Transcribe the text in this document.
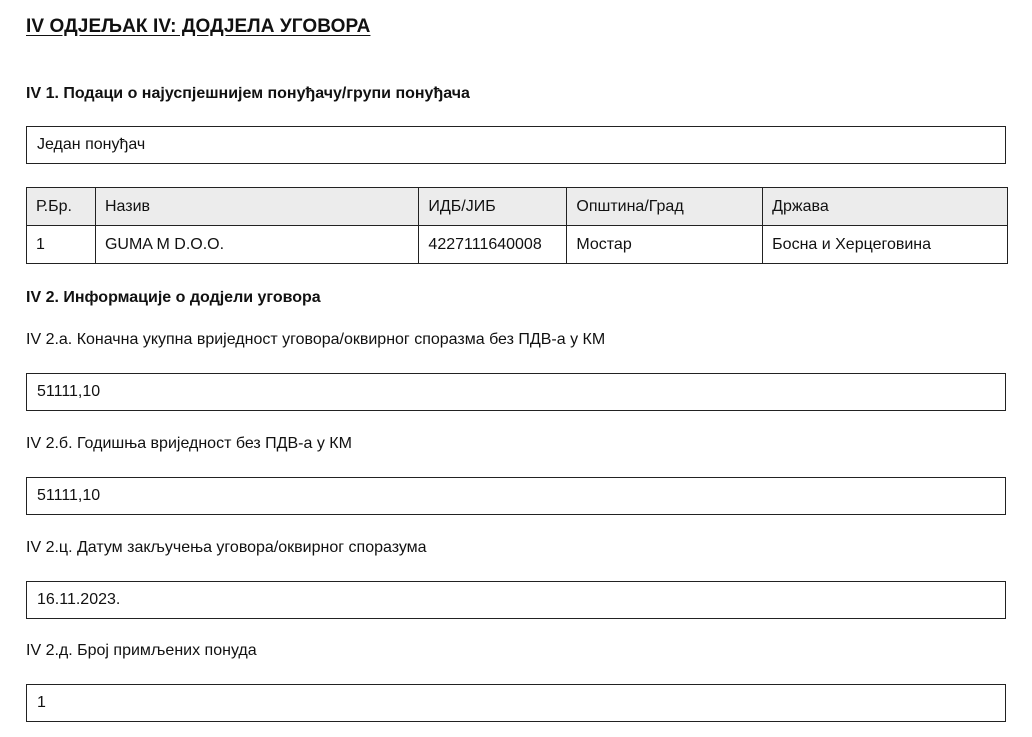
IV ОДЈЕЉАК IV: ДОДЈЕЛА УГОВОРА
IV 1. Подаци о најуспјешнијем понуђачу/групи понуђача
Један понуђач
Р.Бр.	Назив	ИДБ/ЈИБ	Општина/Град	Држава
1	GUMA M D.O.O.	4227111640008	Мостар	Босна и Херцеговина
IV 2. Информације о додјели уговора
IV 2.а. Коначна укупна вриједност уговора/оквирног споразма без ПДВ-а у КМ
51111,10
IV 2.б. Годишња вриједност без ПДВ-а у КМ
51111,10
IV 2.ц. Датум закључења уговора/оквирног споразума
16.11.2023.
IV 2.д. Број примљених понуда
1
